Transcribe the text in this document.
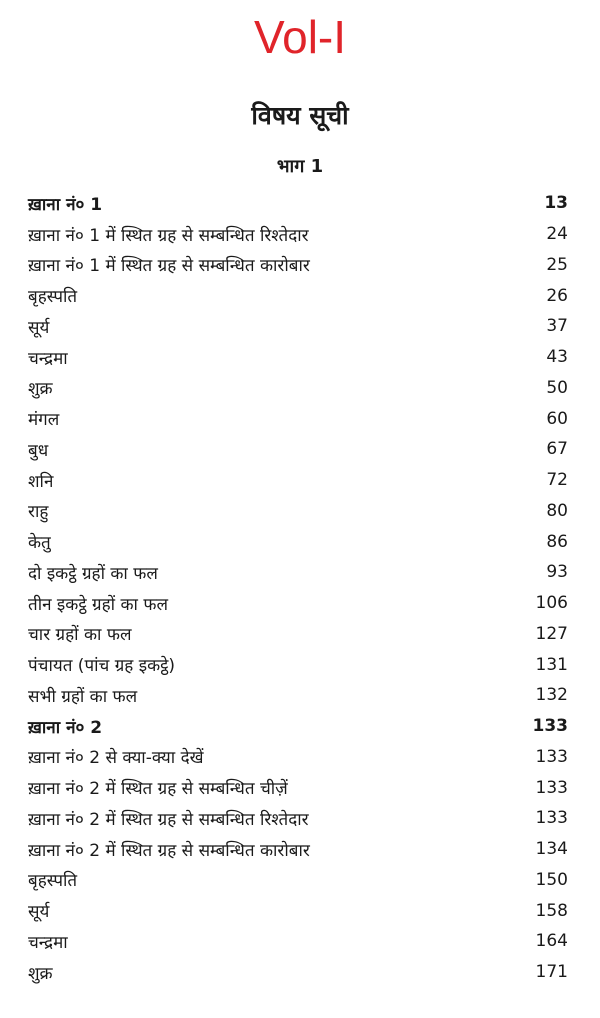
Vol-I
विषय सूची
भाग 1
ख़ाना नं० 1	13
ख़ाना नं० 1 में स्थित ग्रह से सम्बन्धित रिश्तेदार	24
ख़ाना नं० 1 में स्थित ग्रह से सम्बन्धित कारोबार	25
बृहस्पति	26
सूर्य	37
चन्द्रमा	43
शुक्र	50
मंगल	60
बुध	67
शनि	72
राहु	80
केतु	86
दो इकट्ठे ग्रहों का फल	93
तीन इकट्ठे ग्रहों का फल	106
चार ग्रहों का फल	127
पंचायत (पांच ग्रह इकट्ठे)	131
सभी ग्रहों का फल	132
ख़ाना नं० 2	133
ख़ाना नं० 2 से क्या-क्या देखें	133
ख़ाना नं० 2 में स्थित ग्रह से सम्बन्धित चीज़ें	133
ख़ाना नं० 2 में स्थित ग्रह से सम्बन्धित रिश्तेदार	133
ख़ाना नं० 2 में स्थित ग्रह से सम्बन्धित कारोबार	134
बृहस्पति	150
सूर्य	158
चन्द्रमा	164
शुक्र	171
